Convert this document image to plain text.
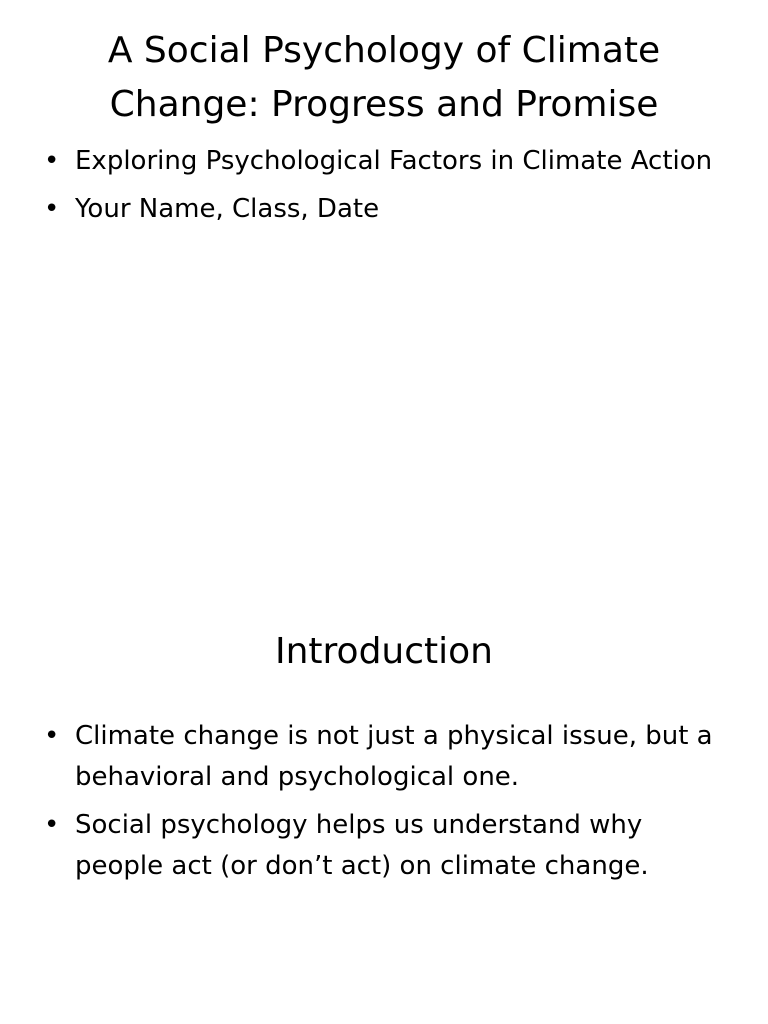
A Social Psychology of Climate Change: Progress and Promise
• Exploring Psychological Factors in Climate Action
• Your Name, Class, Date
Introduction
• Climate change is not just a physical issue, but a behavioral and psychological one.
• Social psychology helps us understand why people act (or don’t act) on climate change.
